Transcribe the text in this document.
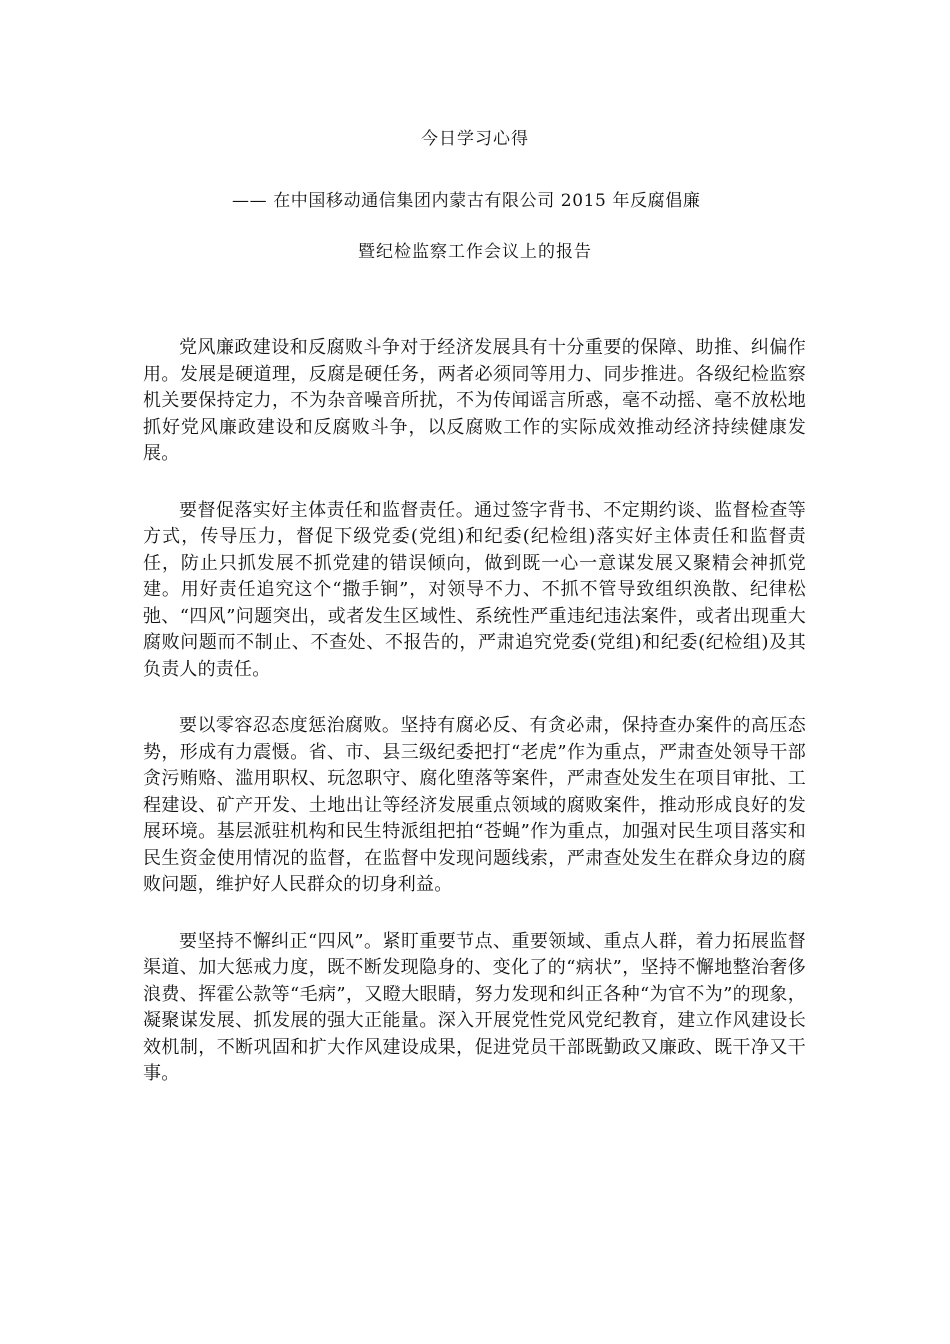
今日学习心得
—— 在中国移动通信集团内蒙古有限公司 2015 年反腐倡廉
暨纪检监察工作会议上的报告

党风廉政建设和反腐败斗争对于经济发展具有十分重要的保障、助推、纠偏作用。发展是硬道理，反腐是硬任务，两者必须同等用力、同步推进。各级纪检监察机关要保持定力，不为杂音噪音所扰，不为传闻谣言所惑，毫不动摇、毫不放松地抓好党风廉政建设和反腐败斗争，以反腐败工作的实际成效推动经济持续健康发展。

要督促落实好主体责任和监督责任。通过签字背书、不定期约谈、监督检查等方式，传导压力，督促下级党委(党组)和纪委(纪检组)落实好主体责任和监督责任，防止只抓发展不抓党建的错误倾向，做到既一心一意谋发展又聚精会神抓党建。用好责任追究这个“撒手锏”，对领导不力、不抓不管导致组织涣散、纪律松弛、“四风”问题突出，或者发生区域性、系统性严重违纪违法案件，或者出现重大腐败问题而不制止、不查处、不报告的，严肃追究党委(党组)和纪委(纪检组)及其负责人的责任。

要以零容忍态度惩治腐败。坚持有腐必反、有贪必肃，保持查办案件的高压态势，形成有力震慑。省、市、县三级纪委把打“老虎”作为重点，严肃查处领导干部贪污贿赂、滥用职权、玩忽职守、腐化堕落等案件，严肃查处发生在项目审批、工程建设、矿产开发、土地出让等经济发展重点领域的腐败案件，推动形成良好的发展环境。基层派驻机构和民生特派组把拍“苍蝇”作为重点，加强对民生项目落实和民生资金使用情况的监督，在监督中发现问题线索，严肃查处发生在群众身边的腐败问题，维护好人民群众的切身利益。

要坚持不懈纠正“四风”。紧盯重要节点、重要领域、重点人群，着力拓展监督渠道、加大惩戒力度，既不断发现隐身的、变化了的“病状”，坚持不懈地整治奢侈浪费、挥霍公款等“毛病”，又瞪大眼睛，努力发现和纠正各种“为官不为”的现象，凝聚谋发展、抓发展的强大正能量。深入开展党性党风党纪教育，建立作风建设长效机制，不断巩固和扩大作风建设成果，促进党员干部既勤政又廉政、既干净又干事。
